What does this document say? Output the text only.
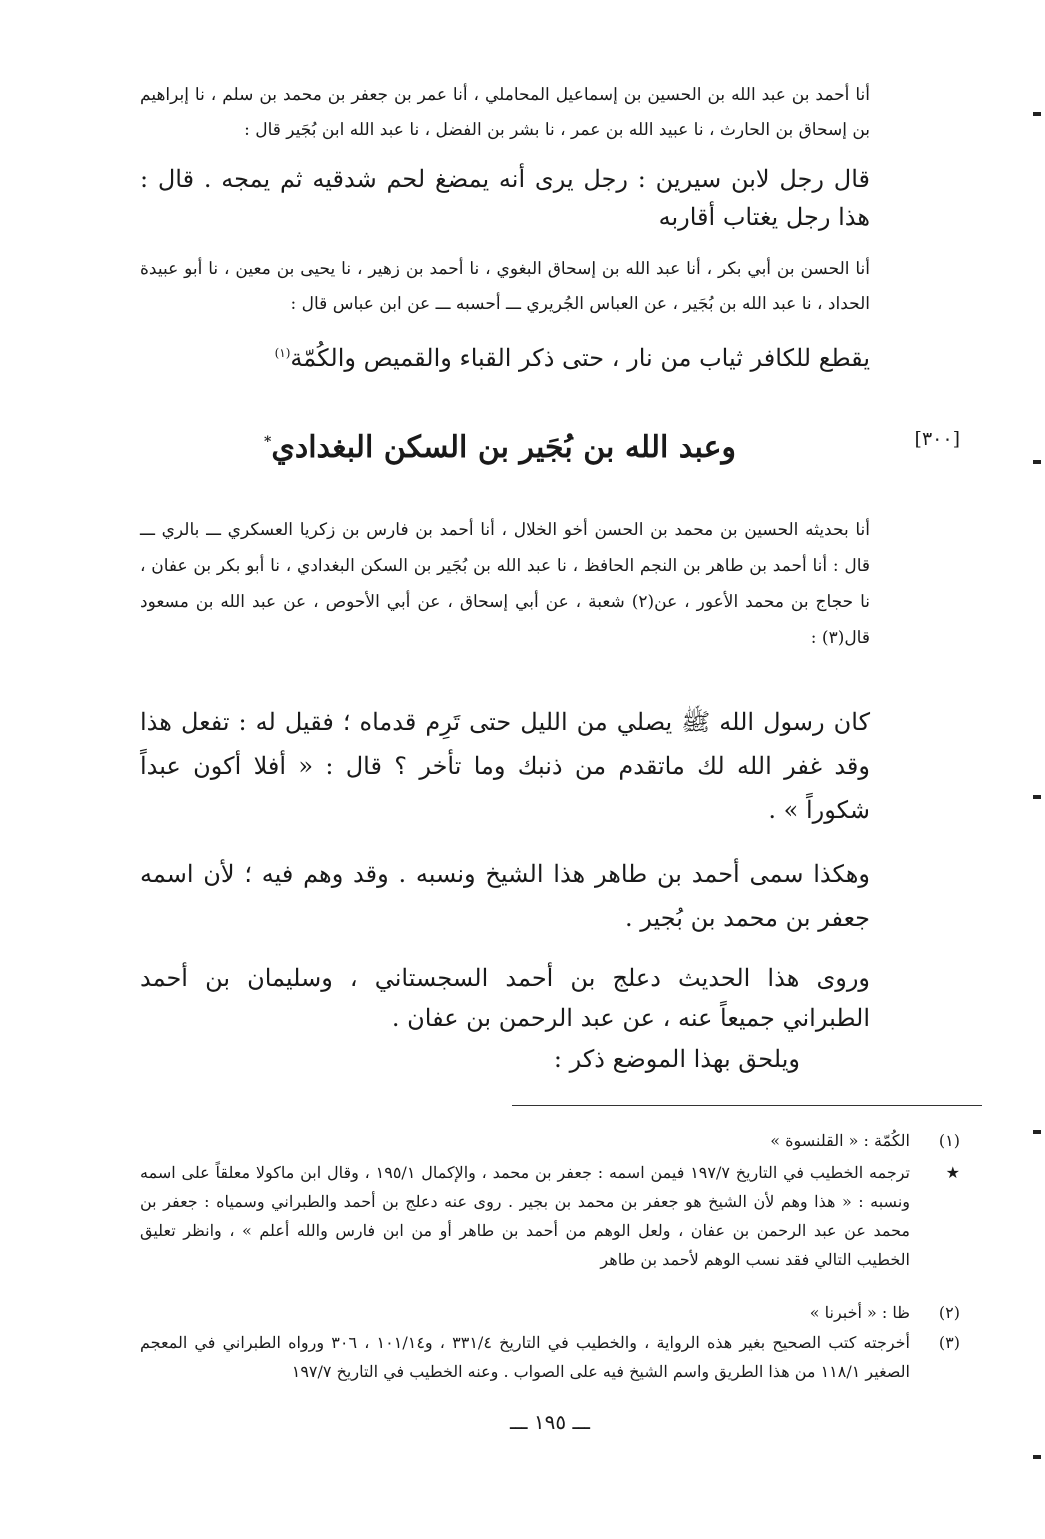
أنا أحمد بن عبد الله بن الحسين بن إسماعيل المحاملي ، أنا عمر بن جعفر بن محمد بن سلم ، نا إبراهيم بن إسحاق بن الحارث ، نا عبيد الله بن عمر ، نا بشر بن الفضل ، نا عبد الله ابن بُجَير قال :

قال رجل لابن سيرين : رجل يرى أنه يمضغ لحم شدقيه ثم يمجه . قال : هذا رجل يغتاب أقاربه

أنا الحسن بن أبي بكر ، أنا عبد الله بن إسحاق البغوي ، نا أحمد بن زهير ، نا يحيى بن معين ، نا أبو عبيدة الحداد ، نا عبد الله بن بُجَير ، عن العباس الجُريري ـــ أحسبه ـــ عن ابن عباس قال :

يقطع للكافر ثياب من نار ، حتى ذكر القباء والقميص والكُمّة$^{(١)}$

[٣٠٠]
وعبد الله بن بُجَير بن السكن البغدادي*

أنا بحديثه الحسين بن محمد بن الحسن أخو الخلال ، أنا أحمد بن فارس بن زكريا العسكري ـــ بالري ـــ قال : أنا أحمد بن طاهر بن النجم الحافظ ، نا عبد الله بن بُجَير بن السكن البغدادي ، نا أبو بكر بن عفان ، نا حجاج بن محمد الأعور ، عن(٢) شعبة ، عن أبي إسحاق ، عن أبي الأحوص ، عن عبد الله بن مسعود قال(٣) :

كان رسول الله ﷺ يصلي من الليل حتى تَرِم قدماه ؛ فقيل له : تفعل هذا وقد غفر الله لك ماتقدم من ذنبك وما تأخر ؟ قال : « أفلا أكون عبداً شكوراً » .

وهكذا سمى أحمد بن طاهر هذا الشيخ ونسبه . وقد وهم فيه ؛ لأن اسمه جعفر بن محمد بن بُجير .

وروى هذا الحديث دعلج بن أحمد السجستاني ، وسليمان بن أحمد الطبراني جميعاً عنه ، عن عبد الرحمن بن عفان .

ويلحق بهذا الموضع ذكر :

(١)
الكُمّة : « القلنسوة »
★
ترجمه الخطيب في التاريخ ١٩٧/٧ فيمن اسمه : جعفر بن محمد ، والإكمال ١٩٥/١ ، وقال ابن ماكولا معلقاً على اسمه ونسبه : « هذا وهم لأن الشيخ هو جعفر بن محمد بن بجير . روى عنه دعلج بن أحمد والطبراني وسمياه : جعفر بن محمد عن عبد الرحمن بن عفان ، ولعل الوهم من أحمد بن طاهر أو من ابن فارس والله أعلم » ، وانظر تعليق الخطيب التالي فقد نسب الوهم لأحمد بن طاهر
(٢)
ظا : « أخبرنا »
(٣)
أخرجته كتب الصحيح بغير هذه الرواية ، والخطيب في التاريخ ٣٣١/٤ ، و١٠١/١٤ ، ٣٠٦ ورواه الطبراني في المعجم الصغير ١١٨/١ من هذا الطريق واسم الشيخ فيه على الصواب . وعنه الخطيب في التاريخ ١٩٧/٧
ـــ ١٩٥ ـــ
